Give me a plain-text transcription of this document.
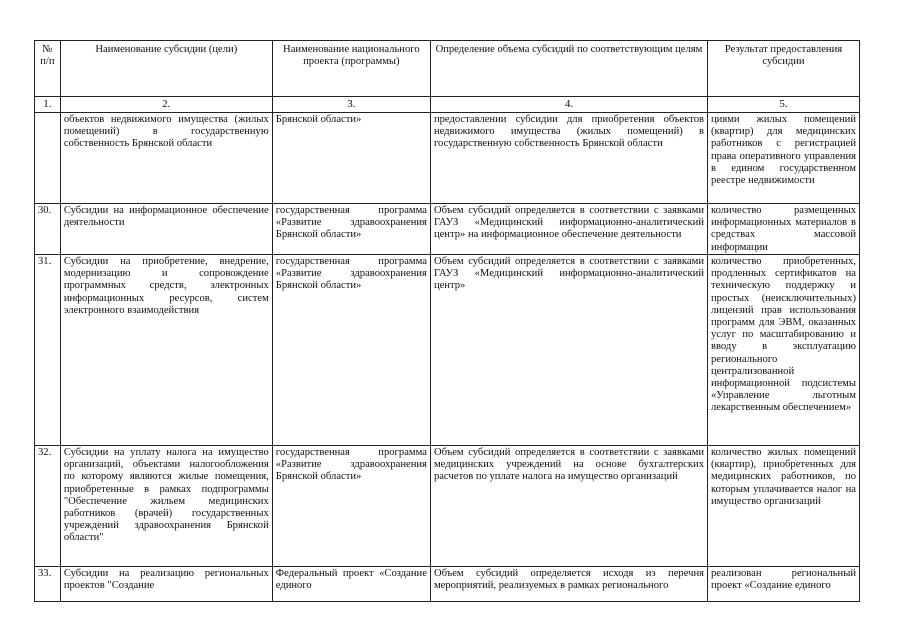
№ п/п	Наименование субсидии (цели)	Наименование национального проекта (программы)	Определение объема субсидий по соответствующим целям	Результат предоставления субсидии
1.	2.	3.	4.	5.
	объектов недвижимого имущества (жилых помещений) в государственную собственность Брянской области	Брянской области»	предоставлении субсидии для приобретения объектов недвижимого имущества (жилых помещений) в государственную собственность Брянской области	циями жилых помещений (квартир) для медицинских работников с регистрацией права оперативного управления в едином государственном реестре недвижимости
30.	Субсидии на информационное обеспечение деятельности	государственная программа «Развитие здравоохранения Брянской области»	Объем субсидий определяется в соответствии с заявками ГАУЗ «Медицинский информационно-аналитический центр» на информационное обеспечение деятельности	количество размещенных информационных материалов в средствах массовой информации
31.	Субсидии на приобретение, внедрение, модернизацию и сопровождение программных средств, электронных информационных ресурсов, систем электронного взаимодействия	государственная программа «Развитие здравоохранения Брянской области»	Объем субсидий определяется в соответствии с заявками ГАУЗ «Медицинский информационно-аналитический центр»	количество приобретенных, продленных сертификатов на техническую поддержку и простых (неисключительных) лицензий прав использования программ для ЭВМ, оказанных услуг по масштабированию и вводу в эксплуатацию регионального централизованной информационной подсистемы «Управление льготным лекарственным обеспечением»
32.	Субсидии на уплату налога на имущество организаций, объектами налогообложения по которому являются жилые помещения, приобретенные в рамках подпрограммы "Обеспечение жильем медицинских работников (врачей) государственных учреждений здравоохранения Брянской области"	государственная программа «Развитие здравоохранения Брянской области»	Объем субсидий определяется в соответствии с заявками медицинских учреждений на основе бухгалтерских расчетов по уплате налога на имущество организаций	количество жилых помещений (квартир), приобретенных для медицинских работников, по которым уплачивается налог на имущество организаций
33.	Субсидии на реализацию региональных проектов "Создание	Федеральный проект «Создание единого	Объем субсидий определяется исходя из перечня мероприятий, реализуемых в рамках регионального	реализован региональный проект «Создание единого
